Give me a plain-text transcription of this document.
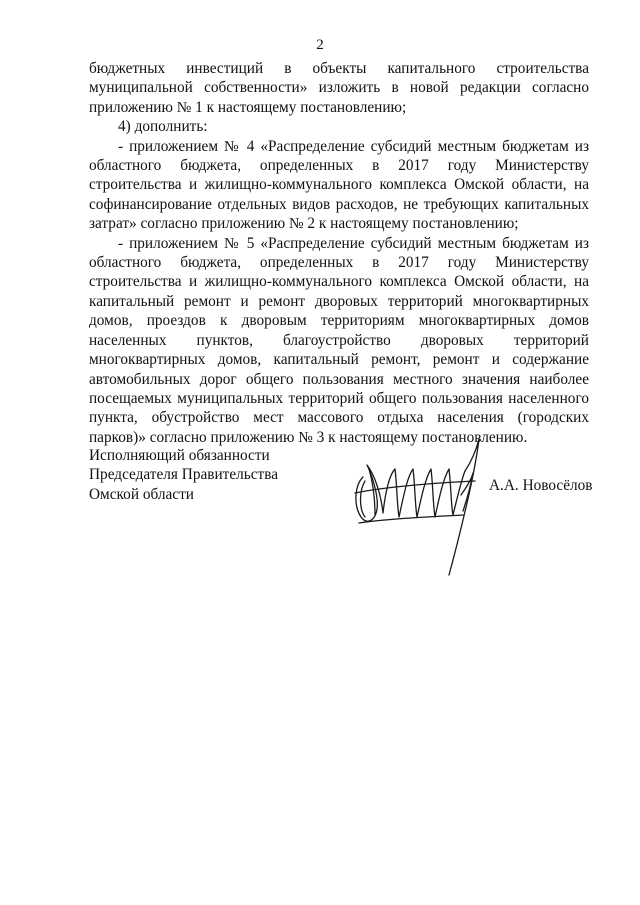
2

бюджетных инвестиций в объекты капитального строительства муниципальной собственности» изложить в новой редакции согласно приложению № 1 к настоящему постановлению;

4) дополнить:

- приложением № 4 «Распределение субсидий местным бюджетам из областного бюджета, определенных в 2017 году Министерству строительства и жилищно-коммунального комплекса Омской области, на софинансирование отдельных видов расходов, не требующих капитальных затрат» согласно приложению № 2 к настоящему постановлению;

- приложением № 5 «Распределение субсидий местным бюджетам из областного бюджета, определенных в 2017 году Министерству строительства и жилищно-коммунального комплекса Омской области, на капитальный ремонт и ремонт дворовых территорий многоквартирных домов, проездов к дворовым территориям многоквартирных домов населенных пунктов, благоустройство дворовых территорий многоквартирных домов, капитальный ремонт, ремонт и содержание автомобильных дорог общего пользования местного значения наиболее посещаемых муниципальных территорий общего пользования населенного пункта, обустройство мест массового отдыха населения (городских парков)» согласно приложению № 3 к настоящему постановлению.

Исполняющий обязанности
Председателя Правительства
Омской области
А.А. Новосёлов
